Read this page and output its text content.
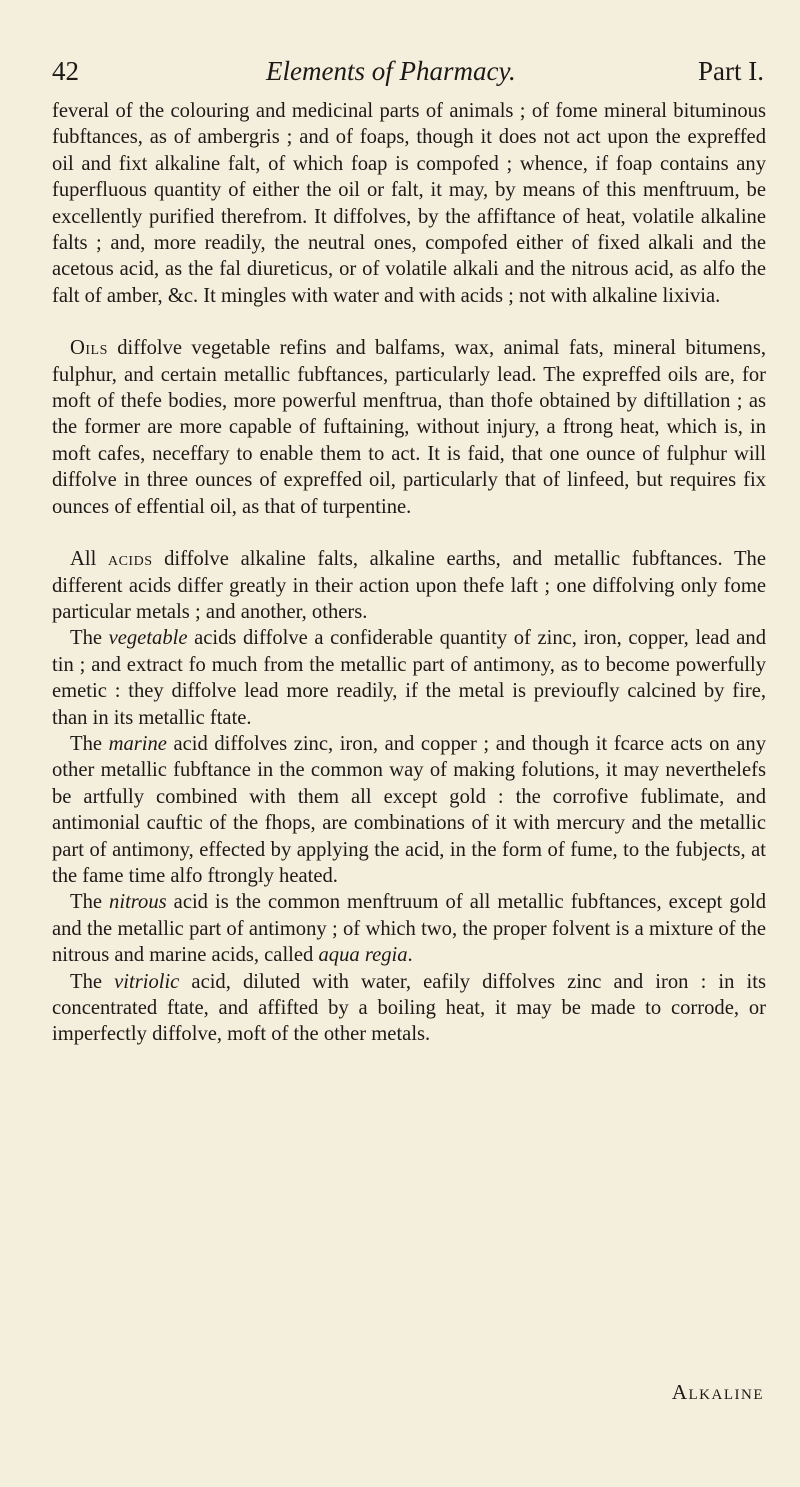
42	Elements of Pharmacy.	Part I.

feveral of the colouring and medicinal parts of animals ; of fome mineral bituminous fubftances, as of ambergris ; and of foaps, though it does not act upon the expreffed oil and fixt alkaline falt, of which foap is compofed ; whence, if foap contains any fuperfluous quantity of either the oil or falt, it may, by means of this menftruum, be excellently purified therefrom. It diffolves, by the affiftance of heat, volatile alkaline falts ; and, more readily, the neutral ones, compofed either of fixed alkali and the acetous acid, as the fal diureticus, or of volatile alkali and the nitrous acid, as alfo the falt of amber, &c. It mingles with water and with acids ; not with alkaline lixivia.

Oils diffolve vegetable refins and balfams, wax, animal fats, mineral bitumens, fulphur, and certain metallic fubftances, particularly lead. The expreffed oils are, for moft of thefe bodies, more powerful menftrua, than thofe obtained by diftillation ; as the former are more capable of fuftaining, without injury, a ftrong heat, which is, in moft cafes, neceffary to enable them to act. It is faid, that one ounce of fulphur will diffolve in three ounces of expreffed oil, particularly that of linfeed, but requires fix ounces of effential oil, as that of turpentine.

All acids diffolve alkaline falts, alkaline earths, and metallic fubftances. The different acids differ greatly in their action upon thefe laft ; one diffolving only fome particular metals ; and another, others.

The vegetable acids diffolve a confiderable quantity of zinc, iron, copper, lead and tin ; and extract fo much from the metallic part of antimony, as to become powerfully emetic : they diffolve lead more readily, if the metal is previoufly calcined by fire, than in its metallic ftate.

The marine acid diffolves zinc, iron, and copper ; and though it fcarce acts on any other metallic fubftance in the common way of making folutions, it may neverthelefs be artfully combined with them all except gold : the corrofive fublimate, and antimonial cauftic of the fhops, are combinations of it with mercury and the metallic part of antimony, effected by applying the acid, in the form of fume, to the fubjects, at the fame time alfo ftrongly heated.

The nitrous acid is the common menftruum of all metallic fubftances, except gold and the metallic part of antimony ; of which two, the proper folvent is a mixture of the nitrous and marine acids, called aqua regia.

The vitriolic acid, diluted with water, eafily diffolves zinc and iron : in its concentrated ftate, and affifted by a boiling heat, it may be made to corrode, or imperfectly diffolve, moft of the other metals.

Alkaline
